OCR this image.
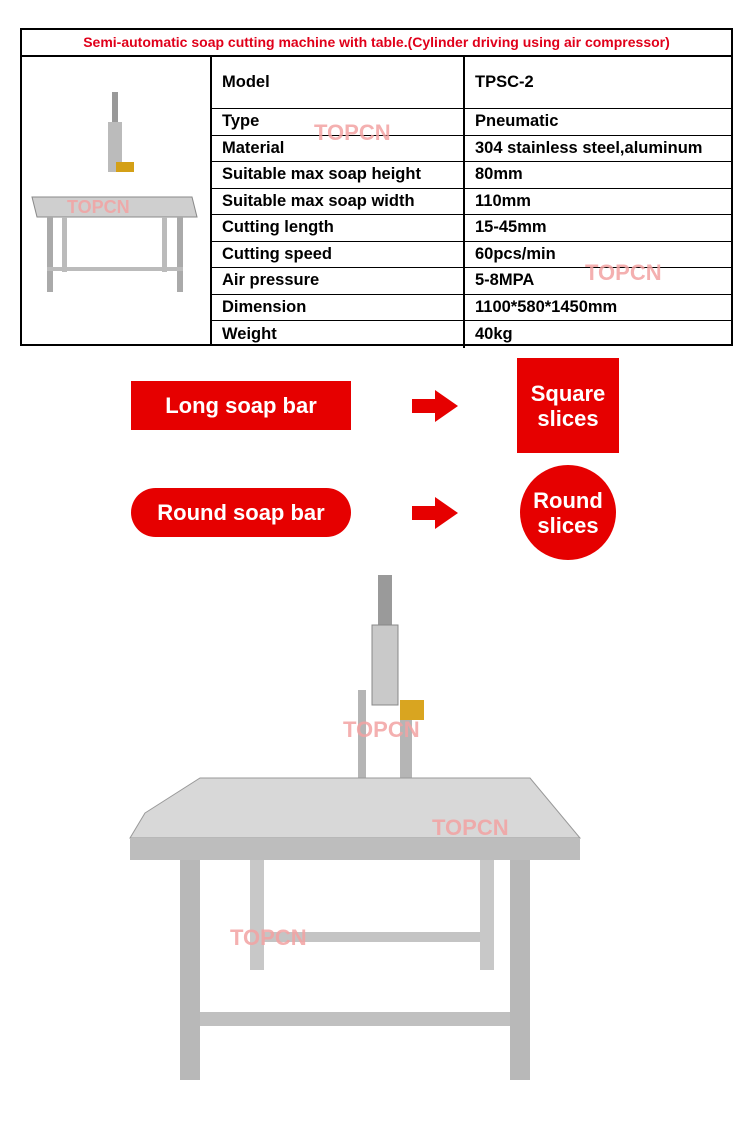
Semi-automatic soap cutting machine with table.(Cylinder driving using air compressor)
TOPCN
Model	TPSC-2
Type	Pneumatic
Material	304 stainless steel,aluminum
Suitable max soap height	80mm
Suitable max soap width	110mm
Cutting length	15-45mm
Cutting speed	60pcs/min
Air pressure	5-8MPA
Dimension	1100*580*1450mm
Weight	40kg
TOPCN
TOPCN
Long soap bar	Square
slices
Round soap bar	Round
slices
TOPCN
TOPCN
TOPCN
